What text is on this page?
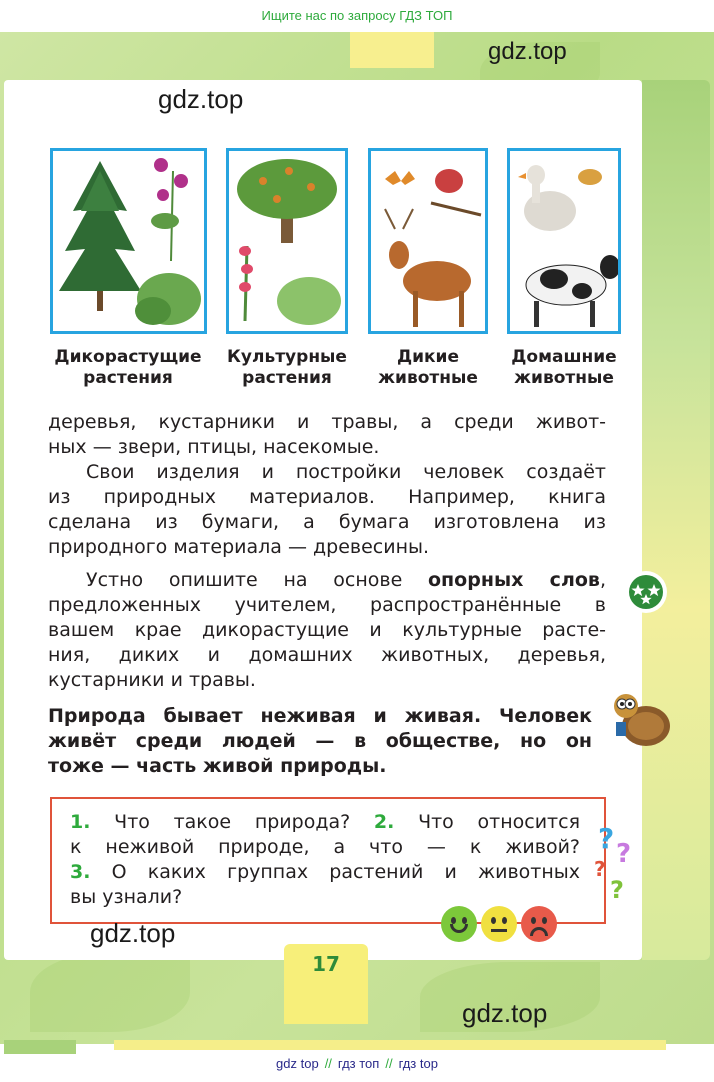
Ищите нас по запросу ГДЗ ТОП
gdz.top
gdz.top
Дикорастущие
растения
Культурные
растения
Дикие
животные
Домашние
животные
деревья, кустарники и травы, а среди живот-
ных — звери, птицы, насекомые.
Свои изделия и постройки человек создаёт
из природных материалов. Например, книга
сделана из бумаги, а бумага изготовлена из
природного материала — древесины.
Устно опишите на основе опорных слов,
предложенных учителем, распространённые в
вашем крае дикорастущие и культурные расте-
ния, диких и домашних животных, деревья,
кустарники и травы.
Природа бывает неживая и живая. Человек
живёт среди людей — в обществе, но он
тоже — часть живой природы.
1. Что такое природа? 2. Что относится
к неживой природе, а что — к живой?
3. О каких группах растений и животных
вы узнали?
? ?
?
?
gdz.top
17
gdz.top
gdz top // гдз топ // гдз top
